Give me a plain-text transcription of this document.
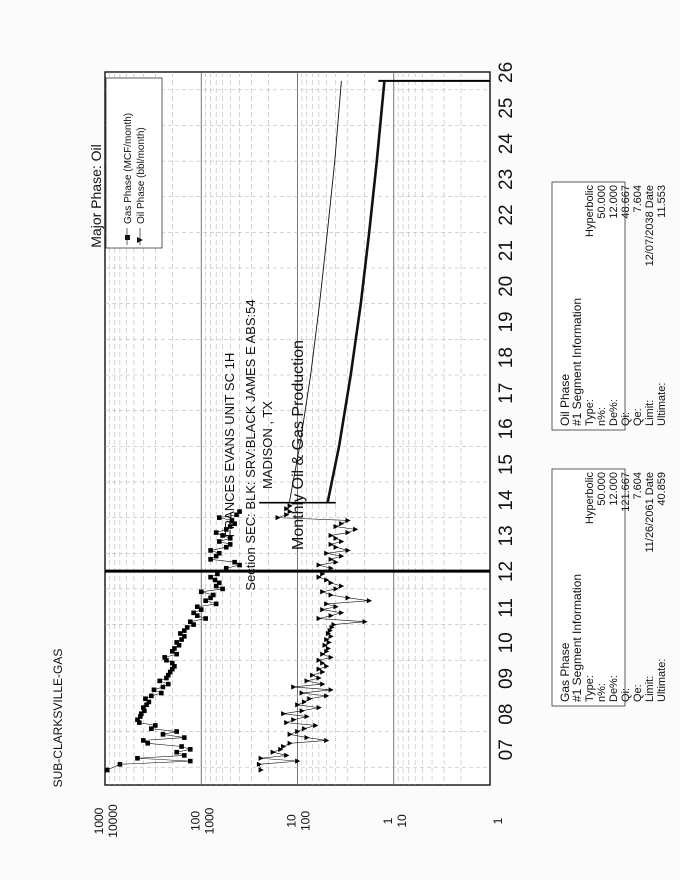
07
08
09
10
11
12
13
14
15
16
17
18
19
20
21
22
23
24
25
26
1000	100	10	1
10000	1000	100	10	1
FRANCES EVANS UNIT SC 1H Section SEC: BLK: SRV:BLACK JAMES E ABS:54 MADISON , TX Monthly Oil & Gas Production
Major Phase: Oil
SUB-CLARKSVILLE-GAS
Gas Phase (MCF/month) Oil Phase (bbl/month)
Gas Phase
#1 Segment Information Type:
Hyperbolic
n%:
50.000
De%:
12.000
Qi:
121.667
Qe:
7.604
Limit:
11/26/2061 Date
Ultimate:
40.859
Oil Phase
#1 Segment Information Type:
Hyperbolic
n%:
50.000
De%:
12.000
Qi:
48.667
Qe:
7.604
Limit:
12/07/2038 Date
Ultimate:
11.553
